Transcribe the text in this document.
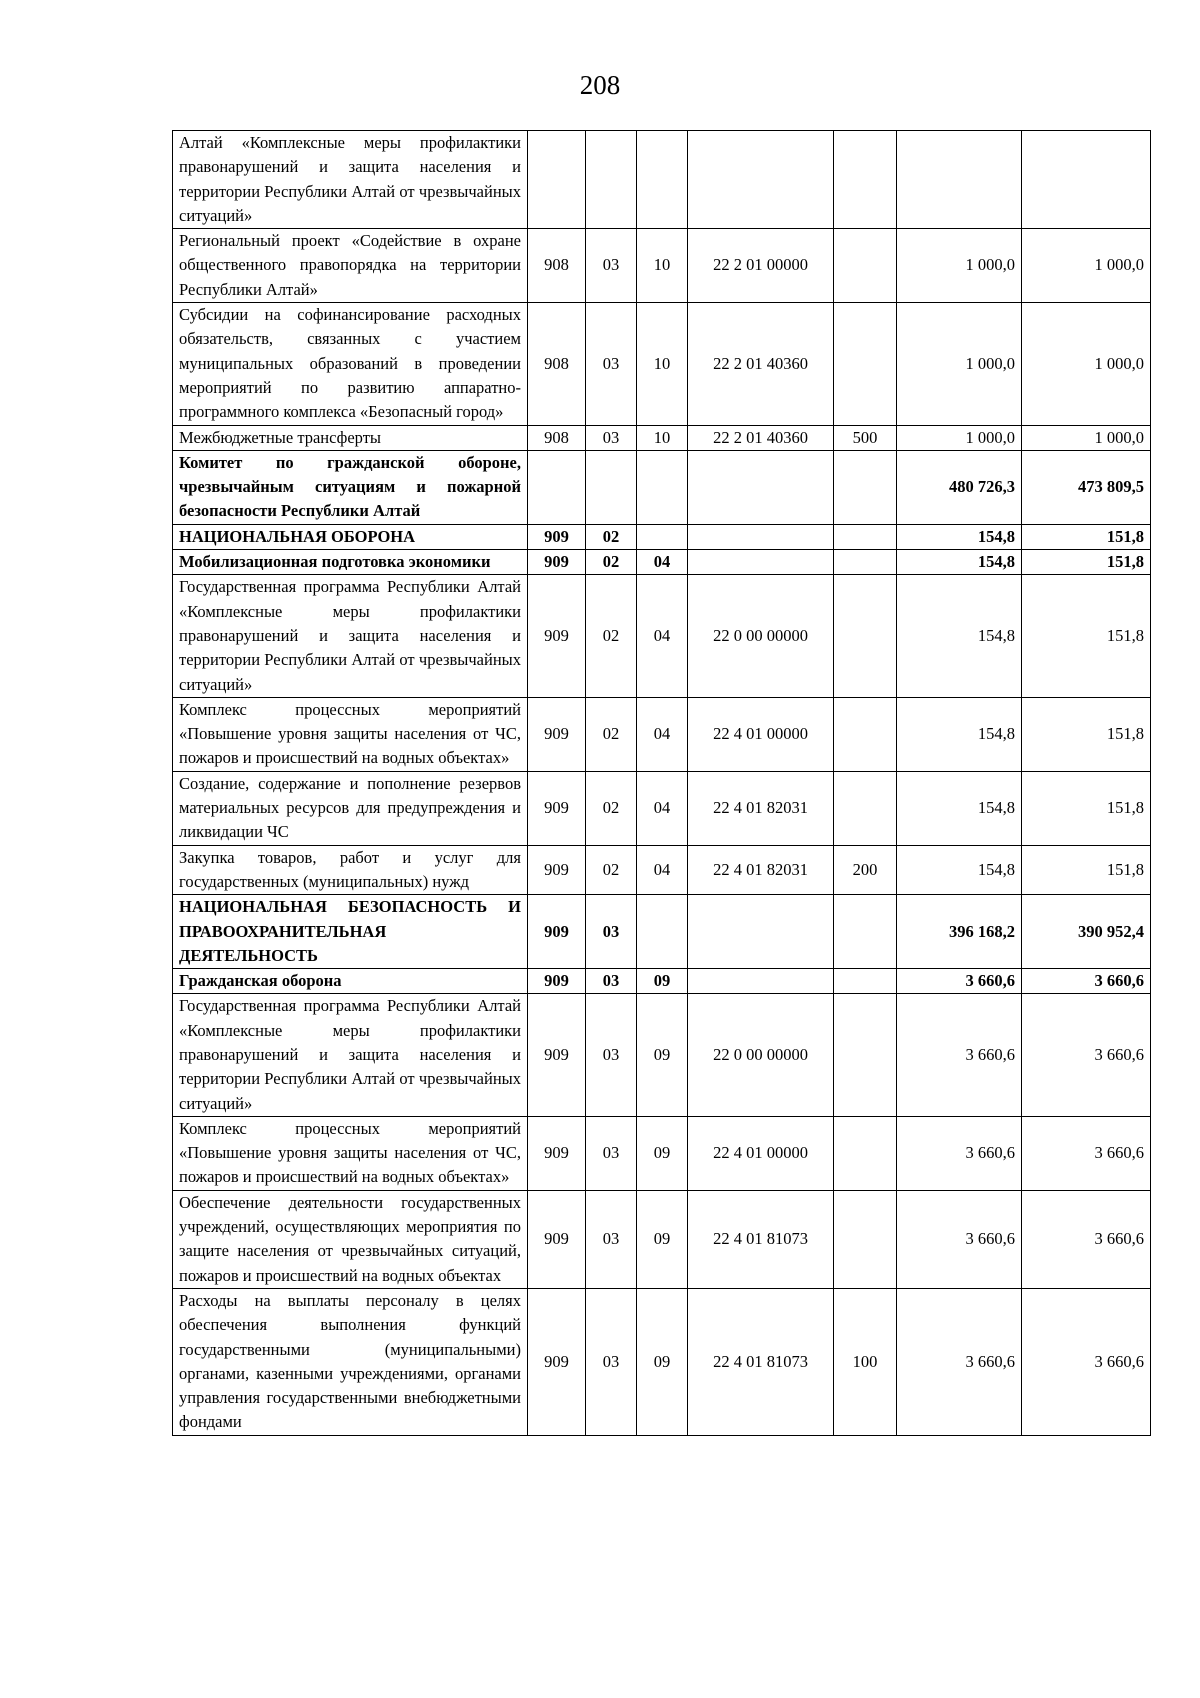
208
Алтай «Комплексные меры профилактики правонарушений и защита населения и территории Республики Алтай от чрезвычайных ситуаций»							
Региональный проект «Содействие в охране общественного правопорядка на территории Республики Алтай»	908	03	10	22 2 01 00000		1 000,0	1 000,0
Субсидии на софинансирование расходных обязательств, связанных с участием муниципальных образований в проведении мероприятий по развитию аппаратно-программного комплекса «Безопасный город»	908	03	10	22 2 01 40360		1 000,0	1 000,0
Межбюджетные трансферты	908	03	10	22 2 01 40360	500	1 000,0	1 000,0
Комитет по гражданской обороне, чрезвычайным ситуациям и пожарной безопасности Республики Алтай						480 726,3	473 809,5
НАЦИОНАЛЬНАЯ ОБОРОНА	909	02				154,8	151,8
Мобилизационная подготовка экономики	909	02	04			154,8	151,8
Государственная программа Республики Алтай «Комплексные меры профилактики правонарушений и защита населения и территории Республики Алтай от чрезвычайных ситуаций»	909	02	04	22 0 00 00000		154,8	151,8
Комплекс процессных мероприятий «Повышение уровня защиты населения от ЧС, пожаров и происшествий на водных объектах»	909	02	04	22 4 01 00000		154,8	151,8
Создание, содержание и пополнение резервов материальных ресурсов для предупреждения и ликвидации ЧС	909	02	04	22 4 01 82031		154,8	151,8
Закупка товаров, работ и услуг для государственных (муниципальных) нужд	909	02	04	22 4 01 82031	200	154,8	151,8
НАЦИОНАЛЬНАЯ БЕЗОПАСНОСТЬ И ПРАВООХРАНИТЕЛЬНАЯ ДЕЯТЕЛЬНОСТЬ	909	03				396 168,2	390 952,4
Гражданская оборона	909	03	09			3 660,6	3 660,6
Государственная программа Республики Алтай «Комплексные меры профилактики правонарушений и защита населения и территории Республики Алтай от чрезвычайных ситуаций»	909	03	09	22 0 00 00000		3 660,6	3 660,6
Комплекс процессных мероприятий «Повышение уровня защиты населения от ЧС, пожаров и происшествий на водных объектах»	909	03	09	22 4 01 00000		3 660,6	3 660,6
Обеспечение деятельности государственных учреждений, осуществляющих мероприятия по защите населения от чрезвычайных ситуаций, пожаров и происшествий на водных объектах	909	03	09	22 4 01 81073		3 660,6	3 660,6
Расходы на выплаты персоналу в целях обеспечения выполнения функций государственными (муниципальными) органами, казенными учреждениями, органами управления государственными внебюджетными фондами	909	03	09	22 4 01 81073	100	3 660,6	3 660,6
